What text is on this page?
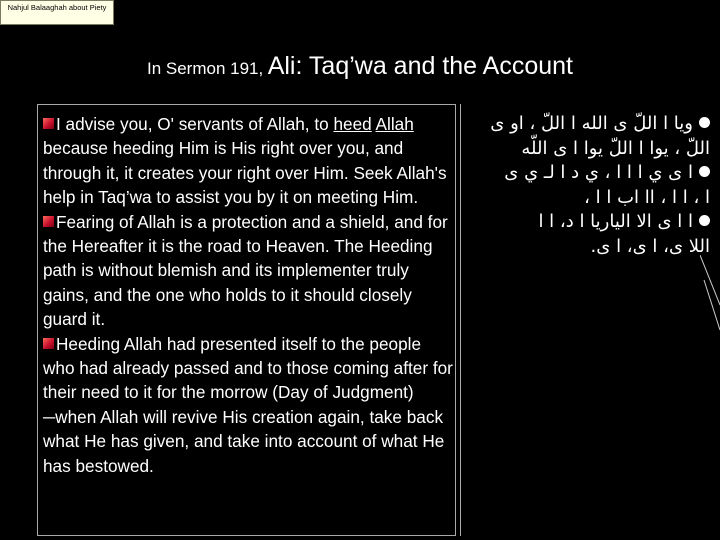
Nahjul Balaaghah about Piety
In Sermon 191, Ali: Taq’wa and the Account

I advise you, O' servants of Allah, to heed Allah because heeding Him is His right over you, and through it, it creates your right over Him. Seek Allah's help in Taq’wa to assist you by it on meeting Him.

Fearing of Allah is a protection and a shield, and for the Hereafter it is the road to Heaven. The Heeding path is without blemish and its implementer truly gains, and the one who holds to it should closely guard it.

Heeding Allah had presented itself to the people who had already passed and to those coming after for their need to it for the morrow (Day of Judgment) ─when Allah will revive His creation again, take back what He has given, and take into account of what He has bestowed.

ويا ا اللّ ى الله ا اللّ ، او ى
اللّ ، يوا ا اللّ يوا ا ى اللّه
ا ى ي ا ا ا ، ي د ا لـ ي ى
ا ، ا ا ، اا اب ا ا ،
ا ا ى الا الياريا ا د، ا ا
اللا ى، ا ى، ا ى.
